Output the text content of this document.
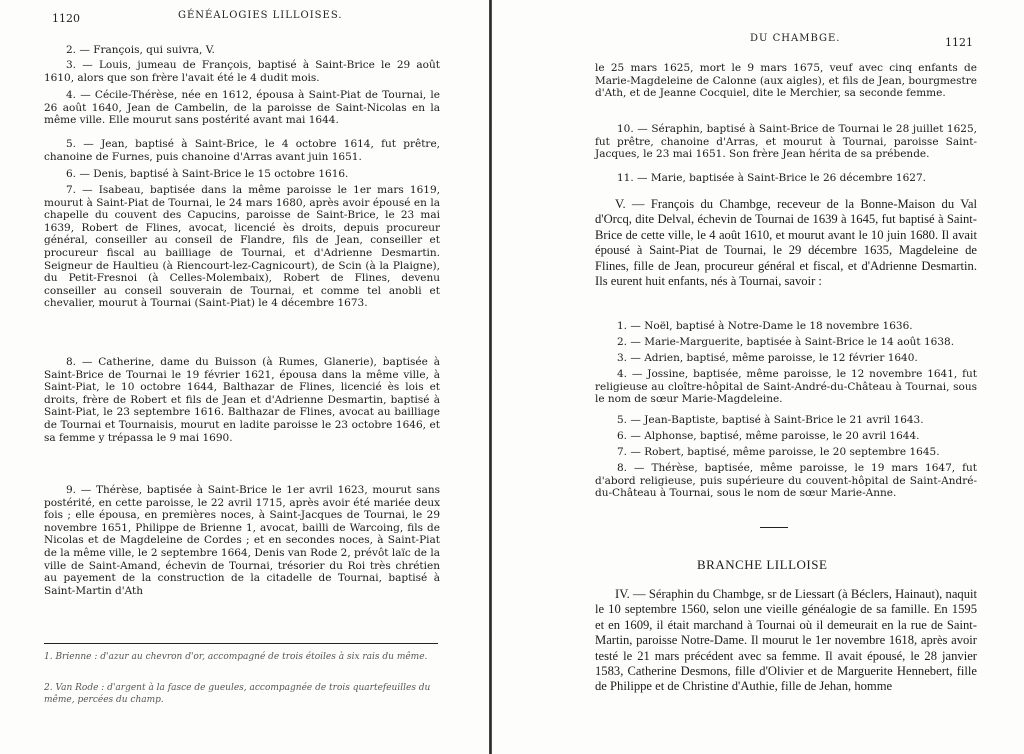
1120	GÉNÉALOGIES LILLOISES.
2. — François, qui suivra, V.
3. — Louis, jumeau de François, baptisé à Saint-Brice le 29 août 1610, alors que son frère l'avait été le 4 dudit mois.
4. — Cécile-Thérèse, née en 1612, épousa à Saint-Piat de Tournai, le 26 août 1640, Jean de Cambelin, de la paroisse de Saint-Nicolas en la même ville. Elle mourut sans postérité avant mai 1644.
5. — Jean, baptisé à Saint-Brice, le 4 octobre 1614, fut prêtre, chanoine de Furnes, puis chanoine d'Arras avant juin 1651.
6. — Denis, baptisé à Saint-Brice le 15 octobre 1616.
7. — Isabeau, baptisée dans la même paroisse le 1er mars 1619, mourut à Saint-Piat de Tournai, le 24 mars 1680, après avoir épousé en la chapelle du couvent des Capucins, paroisse de Saint-Brice, le 23 mai 1639, Robert de Flines, avocat, licencié ès droits, depuis procureur général, conseiller au conseil de Flandre, fils de Jean, conseiller et procureur fiscal au bailliage de Tournai, et d'Adrienne Desmartin. Seigneur de Haultieu (à Riencourt-lez-Cagnicourt), de Scin (à la Plaigne), du Petit-Fresnoi (à Celles-Molembaix), Robert de Flines, devenu conseiller au conseil souverain de Tournai, et comme tel anobli et chevalier, mourut à Tournai (Saint-Piat) le 4 décembre 1673.
8. — Catherine, dame du Buisson (à Rumes, Glanerie), baptisée à Saint-Brice de Tournai le 19 février 1621, épousa dans la même ville, à Saint-Piat, le 10 octobre 1644, Balthazar de Flines, licencié ès lois et droits, frère de Robert et fils de Jean et d'Adrienne Desmartin, baptisé à Saint-Piat, le 23 septembre 1616. Balthazar de Flines, avocat au bailliage de Tournai et Tournaisis, mourut en ladite paroisse le 23 octobre 1646, et sa femme y trépassa le 9 mai 1690.
9. — Thérèse, baptisée à Saint-Brice le 1er avril 1623, mourut sans postérité, en cette paroisse, le 22 avril 1715, après avoir été mariée deux fois ; elle épousa, en premières noces, à Saint-Jacques de Tournai, le 29 novembre 1651, Philippe de Brienne 1, avocat, bailli de Warcoing, fils de Nicolas et de Magdeleine de Cordes ; et en secondes noces, à Saint-Piat de la même ville, le 2 septembre 1664, Denis van Rode 2, prévôt laïc de la ville de Saint-Amand, échevin de Tournai, trésorier du Roi très chrétien au payement de la construction de la citadelle de Tournai, baptisé à Saint-Martin d'Ath
1. Brienne : d'azur au chevron d'or, accompagné de trois étoiles à six rais du même.
2. Van Rode : d'argent à la fasce de gueules, accompagnée de trois quartefeuilles du même, percées du champ.
DU CHAMBGE.	1121
le 25 mars 1625, mort le 9 mars 1675, veuf avec cinq enfants de Marie-Magdeleine de Calonne (aux aigles), et fils de Jean, bourgmestre d'Ath, et de Jeanne Cocquiel, dite le Merchier, sa seconde femme.
10. — Séraphin, baptisé à Saint-Brice de Tournai le 28 juillet 1625, fut prêtre, chanoine d'Arras, et mourut à Tournai, paroisse Saint-Jacques, le 23 mai 1651. Son frère Jean hérita de sa prébende.
11. — Marie, baptisée à Saint-Brice le 26 décembre 1627.
V. — François du Chambge, receveur de la Bonne-Maison du Val d'Orcq, dite Delval, échevin de Tournai de 1639 à 1645, fut baptisé à Saint-Brice de cette ville, le 4 août 1610, et mourut avant le 10 juin 1680. Il avait épousé à Saint-Piat de Tournai, le 29 décembre 1635, Magdeleine de Flines, fille de Jean, procureur général et fiscal, et d'Adrienne Desmartin. Ils eurent huit enfants, nés à Tournai, savoir :
1. — Noël, baptisé à Notre-Dame le 18 novembre 1636.
2. — Marie-Marguerite, baptisée à Saint-Brice le 14 août 1638.
3. — Adrien, baptisé, même paroisse, le 12 février 1640.
4. — Jossine, baptisée, même paroisse, le 12 novembre 1641, fut religieuse au cloître-hôpital de Saint-André-du-Château à Tournai, sous le nom de sœur Marie-Magdeleine.
5. — Jean-Baptiste, baptisé à Saint-Brice le 21 avril 1643.
6. — Alphonse, baptisé, même paroisse, le 20 avril 1644.
7. — Robert, baptisé, même paroisse, le 20 septembre 1645.
8. — Thérèse, baptisée, même paroisse, le 19 mars 1647, fut d'abord religieuse, puis supérieure du couvent-hôpital de Saint-André-du-Château à Tournai, sous le nom de sœur Marie-Anne.
BRANCHE LILLOISE
IV. — Séraphin du Chambge, sr de Liessart (à Béclers, Hainaut), naquit le 10 septembre 1560, selon une vieille généalogie de sa famille. En 1595 et en 1609, il était marchand à Tournai où il demeurait en la rue de Saint-Martin, paroisse Notre-Dame. Il mourut le 1er novembre 1618, après avoir testé le 21 mars précédent avec sa femme. Il avait épousé, le 28 janvier 1583, Catherine Desmons, fille d'Olivier et de Marguerite Hennebert, fille de Philippe et de Christine d'Authie, fille de Jehan, homme
